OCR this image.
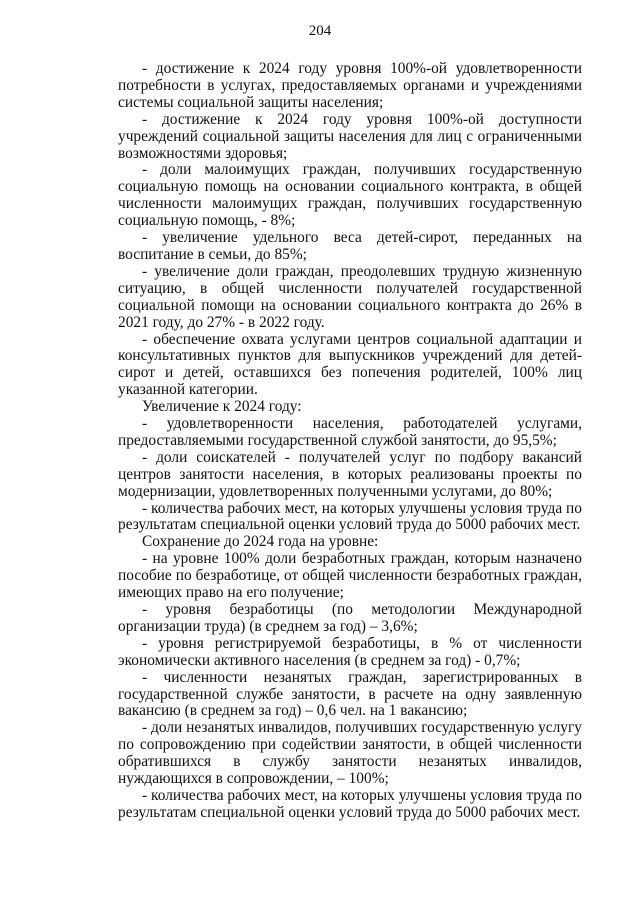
204

- достижение к 2024 году уровня 100%-ой удовлетворенности потребности в услугах, предоставляемых органами и учреждениями системы социальной защиты населения;

- достижение к 2024 году уровня 100%-ой доступности учреждений социальной защиты населения для лиц с ограниченными возможностями здоровья;

- доли малоимущих граждан, получивших государственную социальную помощь на основании социального контракта, в общей численности малоимущих граждан, получивших государственную социальную помощь, - 8%;

- увеличение удельного веса детей-сирот, переданных на воспитание в семьи, до 85%;

- увеличение доли граждан, преодолевших трудную жизненную ситуацию, в общей численности получателей государственной социальной помощи на основании социального контракта до 26% в 2021 году, до 27% - в 2022 году.

- обеспечение охвата услугами центров социальной адаптации и консультативных пунктов для выпускников учреждений для детей-сирот и детей, оставшихся без попечения родителей, 100% лиц указанной категории.

Увеличение к 2024 году:

- удовлетворенности населения, работодателей услугами, предоставляемыми государственной службой занятости, до 95,5%;

- доли соискателей - получателей услуг по подбору вакансий центров занятости населения, в которых реализованы проекты по модернизации, удовлетворенных полученными услугами, до 80%;

- количества рабочих мест, на которых улучшены условия труда по результатам специальной оценки условий труда до 5000 рабочих мест.

Сохранение до 2024 года на уровне:

- на уровне 100% доли безработных граждан, которым назначено пособие по безработице, от общей численности безработных граждан, имеющих право на его получение;

- уровня безработицы (по методологии Международной организации труда) (в среднем за год) – 3,6%;

- уровня регистрируемой безработицы, в % от численности экономически активного населения (в среднем за год) - 0,7%;

- численности незанятых граждан, зарегистрированных в государственной службе занятости, в расчете на одну заявленную вакансию (в среднем за год) – 0,6 чел. на 1 вакансию;

- доли незанятых инвалидов, получивших государственную услугу по сопровождению при содействии занятости, в общей численности обратившихся в службу занятости незанятых инвалидов, нуждающихся в сопровождении, – 100%;

- количества рабочих мест, на которых улучшены условия труда по результатам специальной оценки условий труда до 5000 рабочих мест.
